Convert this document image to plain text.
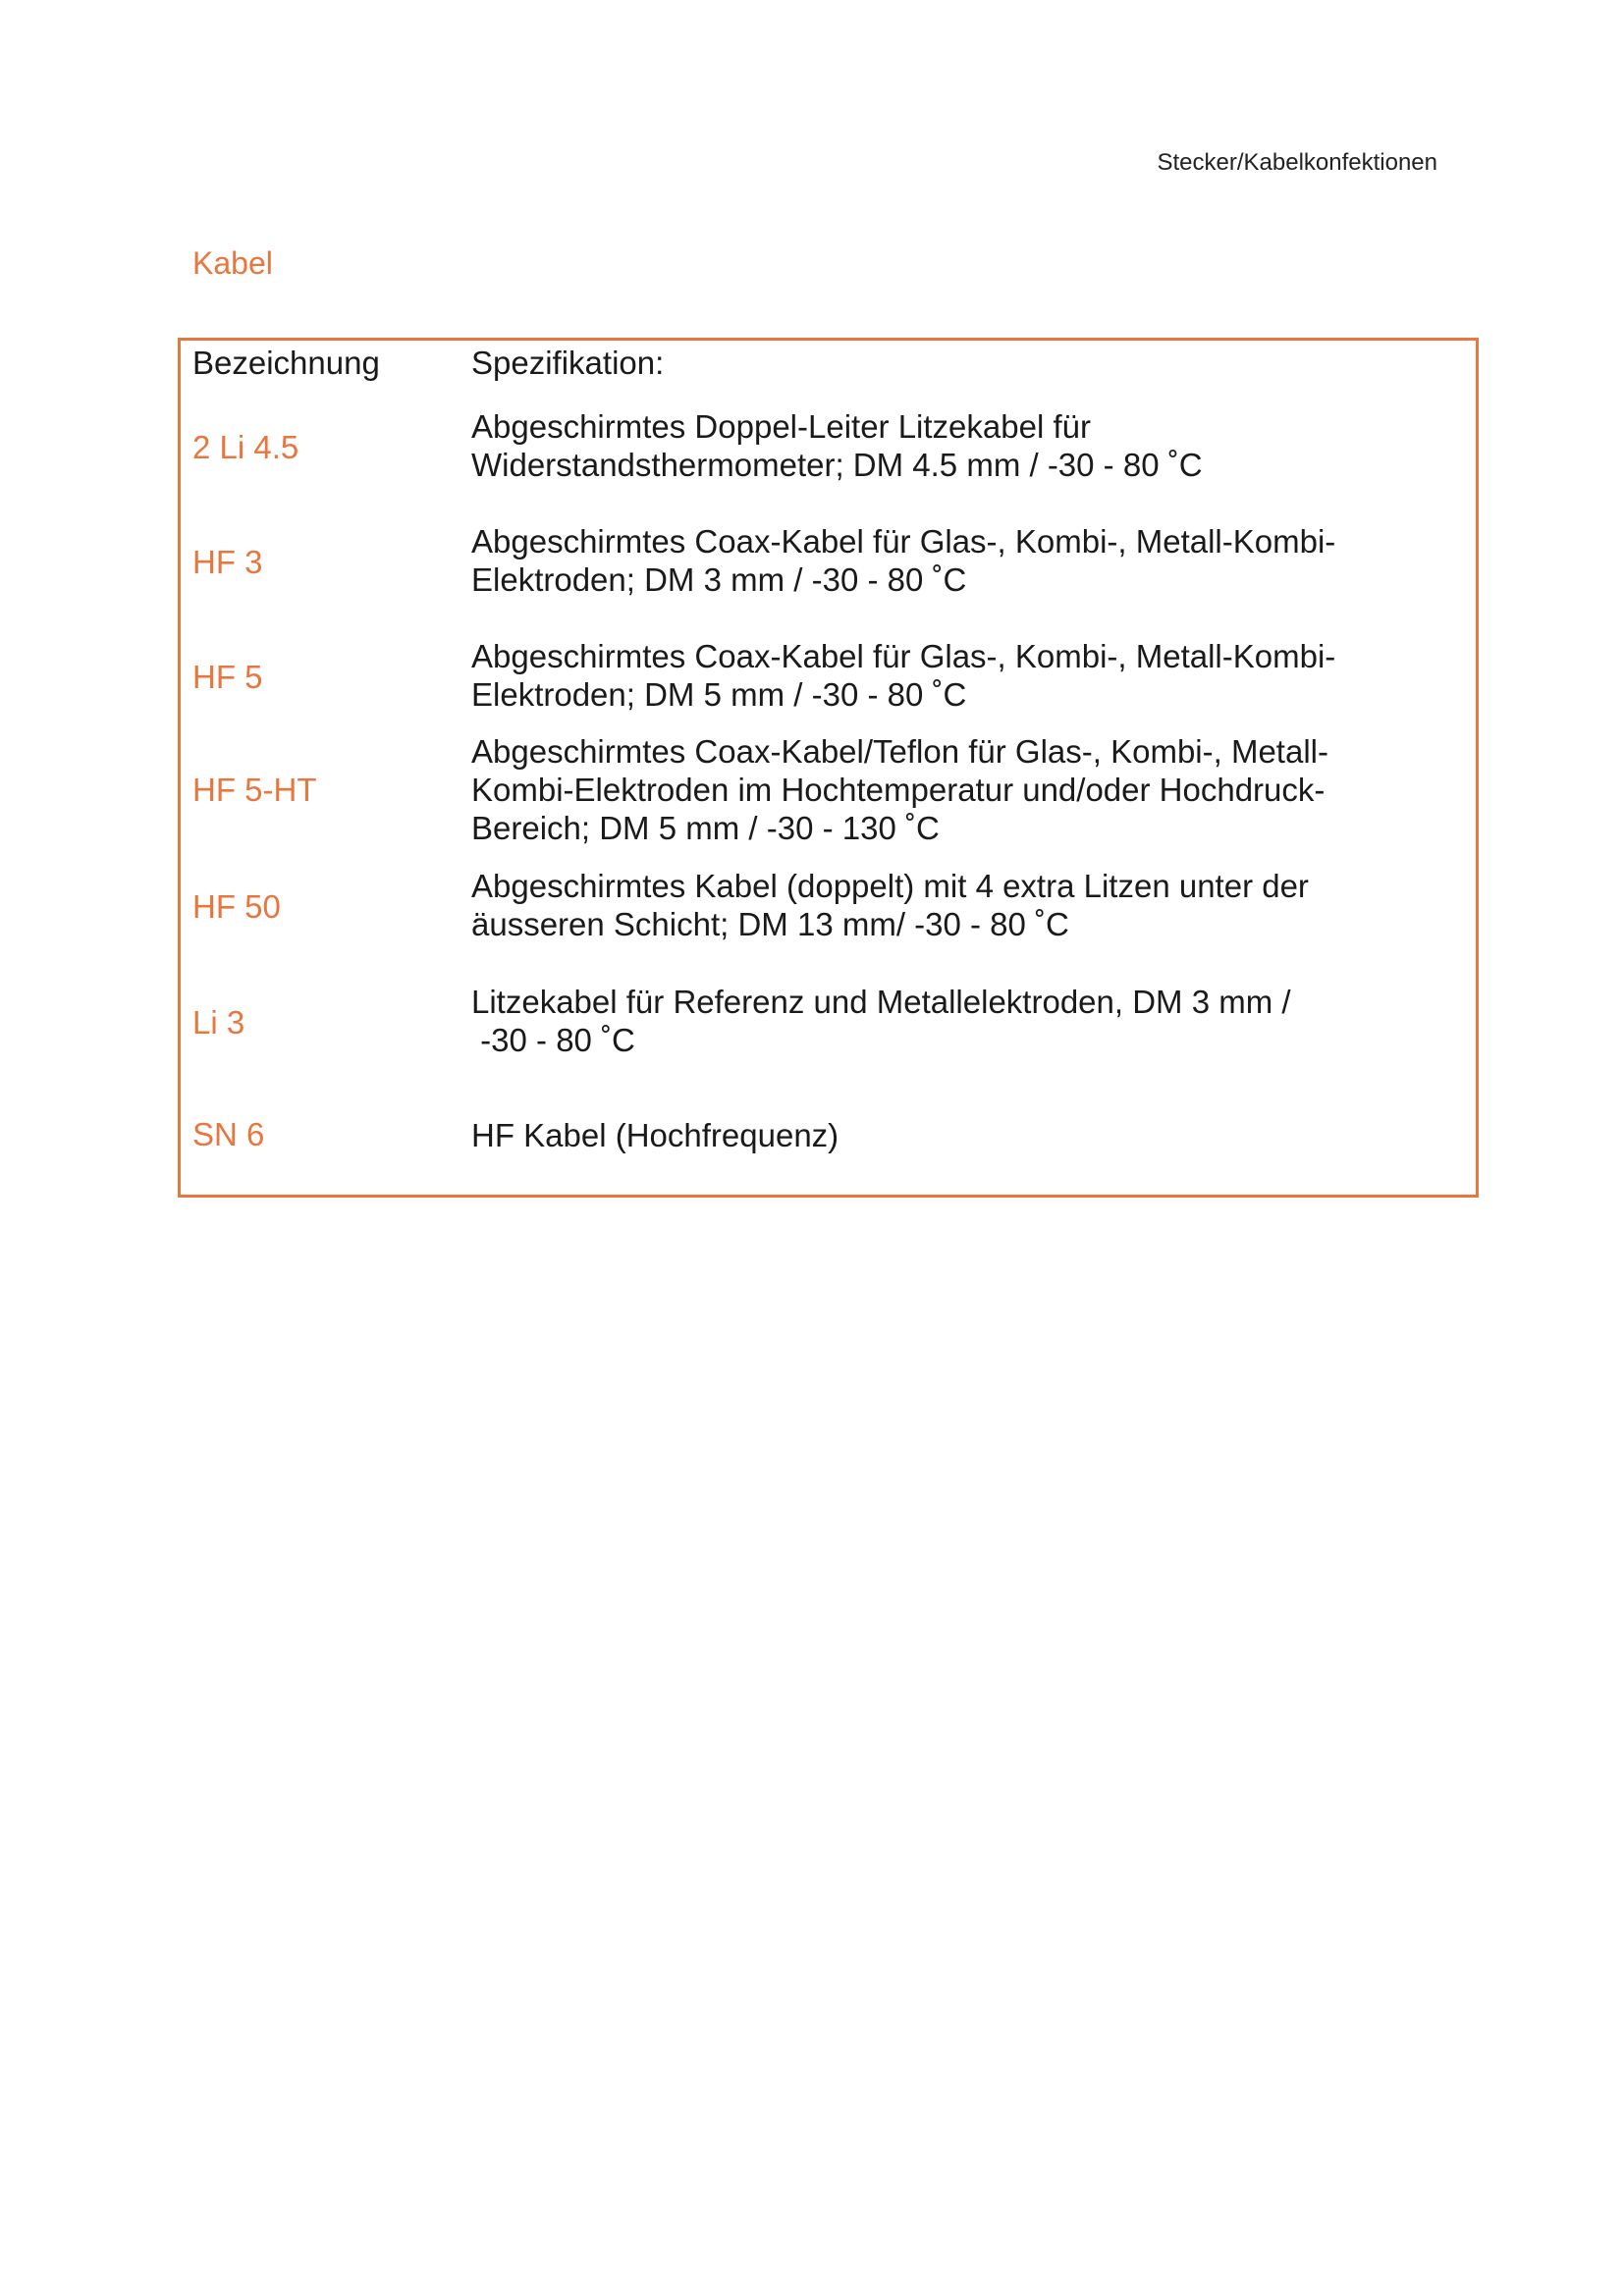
Stecker/Kabelkonfektionen
Kabel
Bezeichnung	Spezifikation:
2 Li 4.5
Abgeschirmtes Doppel-Leiter Litzekabel für
Widerstandsthermometer; DM 4.5 mm / -30 - 80 ˚C
HF 3
Abgeschirmtes Coax-Kabel für Glas-, Kombi-, Metall-Kombi-
Elektroden; DM 3 mm / -30 - 80 ˚C
HF 5
Abgeschirmtes Coax-Kabel für Glas-, Kombi-, Metall-Kombi-
Elektroden; DM 5 mm / -30 - 80 ˚C
HF 5-HT
Abgeschirmtes Coax-Kabel/Teflon für Glas-, Kombi-, Metall-
Kombi-Elektroden im Hochtemperatur und/oder Hochdruck-
Bereich; DM 5 mm / -30 - 130 ˚C
HF 50
Abgeschirmtes Kabel (doppelt) mit 4 extra Litzen unter der
äusseren Schicht; DM 13 mm/ -30 - 80 ˚C
Li 3
Litzekabel für Referenz und Metallelektroden, DM 3 mm /
-30 - 80 ˚C
SN 6	HF Kabel (Hochfrequenz)
